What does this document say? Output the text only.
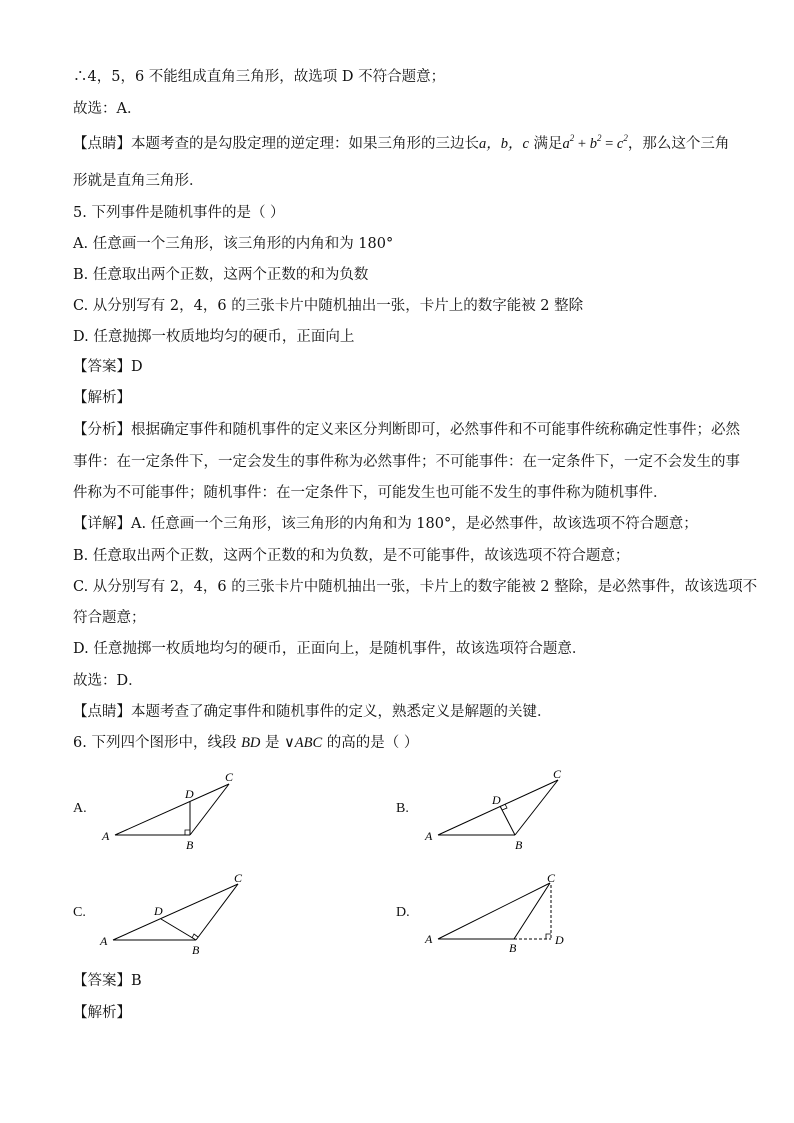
∴4，5，6 不能组成直角三角形，故选项 D 不符合题意；
故选：A．
【点睛】本题考查的是勾股定理的逆定理：如果三角形的三边长a，b，c 满足$a^2 + b^2 = c^2$，那么这个三角
形就是直角三角形．
5. 下列事件是随机事件的是（ ）
A. 任意画一个三角形，该三角形的内角和为 180°
B. 任意取出两个正数，这两个正数的和为负数
C. 从分别写有 2，4，6 的三张卡片中随机抽出一张，卡片上的数字能被 2 整除
D. 任意抛掷一枚质地均匀的硬币，正面向上
【答案】D
【解析】
【分析】根据确定事件和随机事件的定义来区分判断即可，必然事件和不可能事件统称确定性事件；必然
事件：在一定条件下，一定会发生的事件称为必然事件；不可能事件：在一定条件下，一定不会发生的事
件称为不可能事件；随机事件：在一定条件下，可能发生也可能不发生的事件称为随机事件．
【详解】A. 任意画一个三角形，该三角形的内角和为 180°，是必然事件，故该选项不符合题意；
B. 任意取出两个正数，这两个正数的和为负数，是不可能事件，故该选项不符合题意；
C. 从分别写有 2，4，6 的三张卡片中随机抽出一张，卡片上的数字能被 2 整除，是必然事件，故该选项不
符合题意；
D. 任意抛掷一枚质地均匀的硬币，正面向上，是随机事件，故该选项符合题意．
故选：D．
【点睛】本题考查了确定事件和随机事件的定义，熟悉定义是解题的关键．
6. 下列四个图形中，线段 BD 是 ∨ABC 的高的是（ ）
A.	B.
C.	D.
A
B
C
D
A
B
C
D
A
B
C
D
A
B
C
D
【答案】B
【解析】
